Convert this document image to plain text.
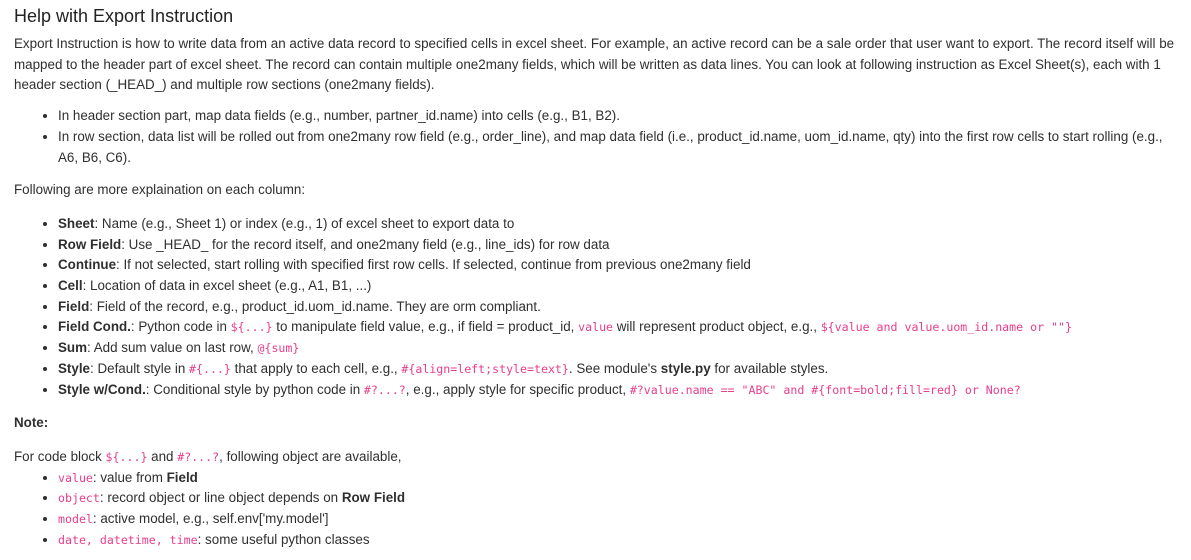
Help with Export Instruction

Export Instruction is how to write data from an active data record to specified cells in excel sheet. For example, an active record can be a sale order that user want to export. The record itself will be mapped to the header part of excel sheet. The record can contain multiple one2many fields, which will be written as data lines. You can look at following instruction as Excel Sheet(s), each with 1 header section (_HEAD_) and multiple row sections (one2many fields).

• In header section part, map data fields (e.g., number, partner_id.name) into cells (e.g., B1, B2).
• In row section, data list will be rolled out from one2many row field (e.g., order_line), and map data field (i.e., product_id.name, uom_id.name, qty) into the first row cells to start rolling (e.g., A6, B6, C6).

Following are more explaination on each column:

• Sheet: Name (e.g., Sheet 1) or index (e.g., 1) of excel sheet to export data to
• Row Field: Use _HEAD_ for the record itself, and one2many field (e.g., line_ids) for row data
• Continue: If not selected, start rolling with specified first row cells. If selected, continue from previous one2many field
• Cell: Location of data in excel sheet (e.g., A1, B1, ...)
• Field: Field of the record, e.g., product_id.uom_id.name. They are orm compliant.
• Field Cond.: Python code in ${...} to manipulate field value, e.g., if field = product_id, value will represent product object, e.g., ${value and value.uom_id.name or ""}
• Sum: Add sum value on last row, @{sum}
• Style: Default style in #{...} that apply to each cell, e.g., #{align=left;style=text}. See module's style.py for available styles.
• Style w/Cond.: Conditional style by python code in #?...?, e.g., apply style for specific product, #?value.name == "ABC" and #{font=bold;fill=red} or None?

Note:

For code block ${...} and #?...?, following object are available,

• value: value from Field
• object: record object or line object depends on Row Field
• model: active model, e.g., self.env['my.model']
• date, datetime, time: some useful python classes
